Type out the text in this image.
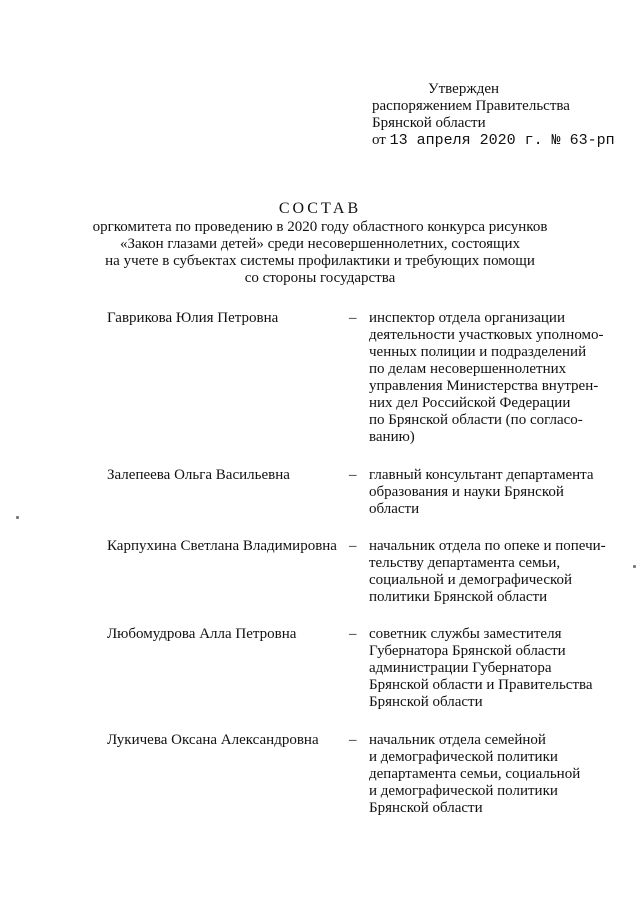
Утвержден
распоряжением Правительства
Брянской области
от 13 апреля 2020 г. № 63-рп
СОСТАВ
оргкомитета по проведению в 2020 году областного конкурса рисунков
«Закон глазами детей» среди несовершеннолетних, состоящих
на учете в субъектах системы профилактики и требующих помощи
со стороны государства
Гаврикова Юлия Петровна	– инспектор отдела организации
деятельности участковых уполномо-
ченных полиции и подразделений
по делам несовершеннолетних
управления Министерства внутрен-
них дел Российской Федерации
по Брянской области (по согласо-
ванию)
Залепеева Ольга Васильевна	– главный консультант департамента
образования и науки Брянской
области
Карпухина Светлана Владимировна – начальник отдела по опеке и попечи-
тельству департамента семьи,
социальной и демографической
политики Брянской области
Любомудрова Алла Петровна	– советник службы заместителя
Губернатора Брянской области
администрации Губернатора
Брянской области и Правительства
Брянской области
Лукичева Оксана Александровна	– начальник отдела семейной
и демографической политики
департамента семьи, социальной
и демографической политики
Брянской области
